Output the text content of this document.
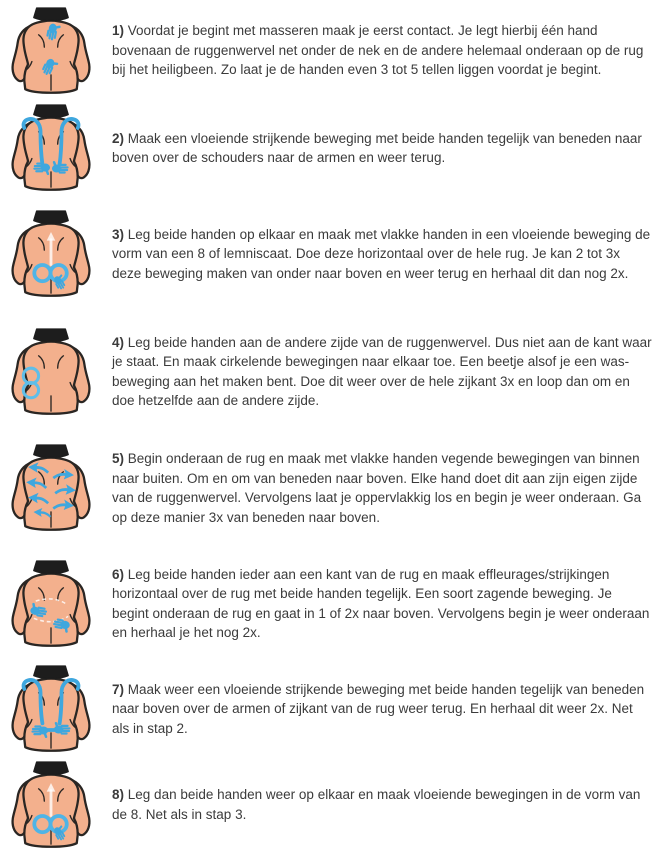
1) Voordat je begint met masseren maak je eerst contact. Je legt hierbij één hand bovenaan de ruggenwervel net onder de nek en de andere helemaal onderaan op de rug bij het heiligbeen. Zo laat je de handen even 3 tot 5 tellen liggen voordat je begint.

2) Maak een vloeiende strijkende beweging met beide handen tegelijk van beneden naar boven over de schouders naar de armen en weer terug.

3) Leg beide handen op elkaar en maak met vlakke handen in een vloeiende beweging de vorm van een 8 of lemniscaat. Doe deze horizontaal over de hele rug. Je kan 2 tot 3x deze beweging maken van onder naar boven en weer terug en herhaal dit dan nog 2x.

4) Leg beide handen aan de andere zijde van de ruggenwervel. Dus niet aan de kant waar je staat. En maak cirkelende bewegingen naar elkaar toe. Een beetje alsof je een was-beweging aan het maken bent. Doe dit weer over de hele zijkant 3x en loop dan om en doe hetzelfde aan de andere zijde.

5) Begin onderaan de rug en maak met vlakke handen vegende bewegingen van binnen naar buiten. Om en om van beneden naar boven. Elke hand doet dit aan zijn eigen zijde van de ruggenwervel. Vervolgens laat je oppervlakkig los en begin je weer onderaan. Ga op deze manier 3x van beneden naar boven.

6) Leg beide handen ieder aan een kant van de rug en maak effleurages/strijkingen horizontaal over de rug met beide handen tegelijk. Een soort zagende beweging. Je begint onderaan de rug en gaat in 1 of 2x naar boven. Vervolgens begin je weer onderaan en herhaal je het nog 2x.

7) Maak weer een vloeiende strijkende beweging met beide handen tegelijk van beneden naar boven over de armen of zijkant van de rug weer terug. En herhaal dit weer 2x. Net als in stap 2.

8) Leg dan beide handen weer op elkaar en maak vloeiende bewegingen in de vorm van de 8. Net als in stap 3.
